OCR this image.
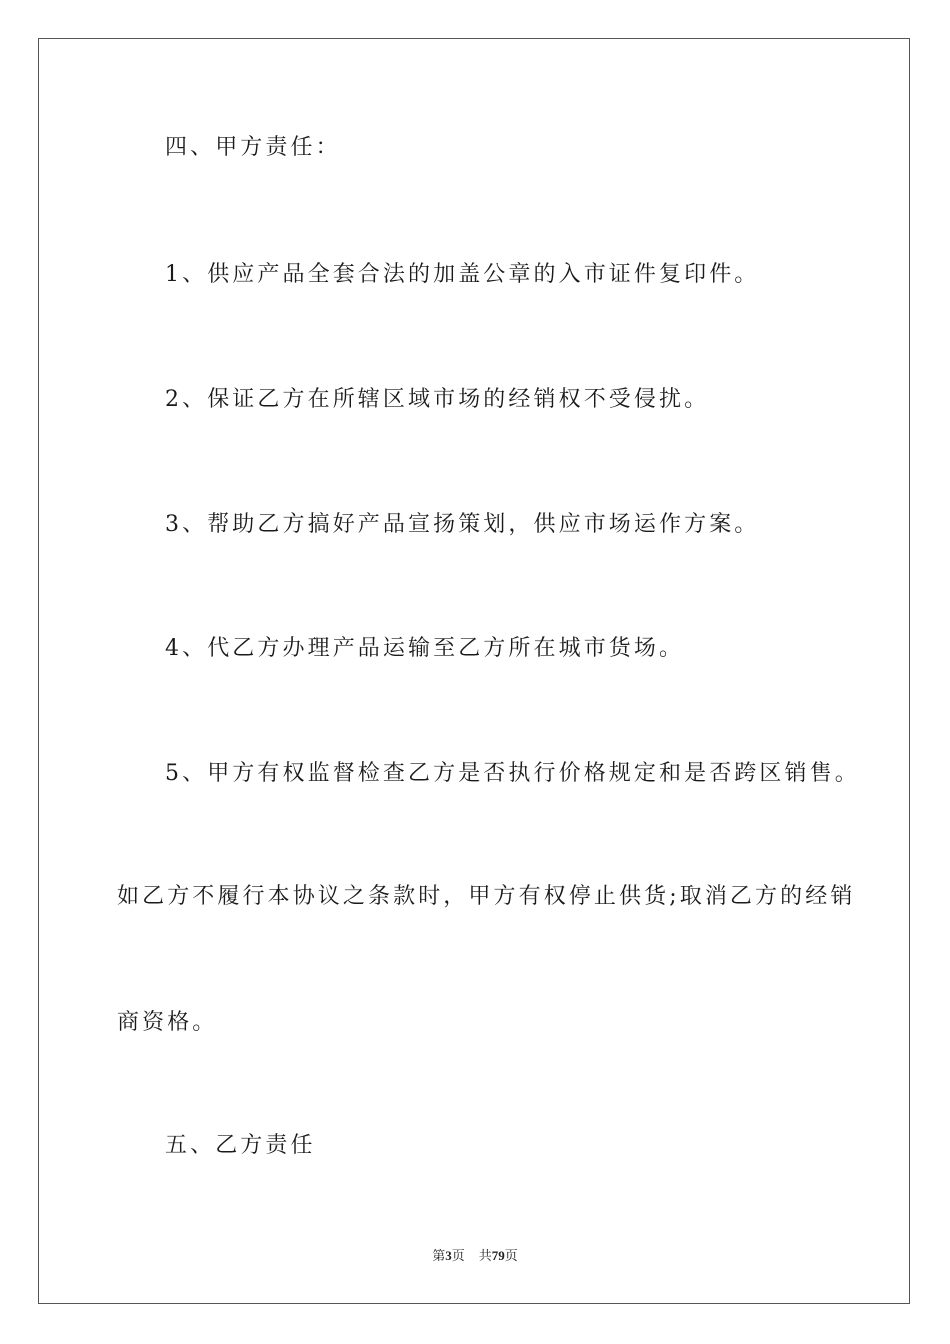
四、甲方责任：
1、供应产品全套合法的加盖公章的入市证件复印件。
2、保证乙方在所辖区域市场的经销权不受侵扰。
3、帮助乙方搞好产品宣扬策划，供应市场运作方案。
4、代乙方办理产品运输至乙方所在城市货场。
5、甲方有权监督检查乙方是否执行价格规定和是否跨区销售。
如乙方不履行本协议之条款时，甲方有权停止供货;取消乙方的经销
商资格。
五、乙方责任
第3页 共79页
